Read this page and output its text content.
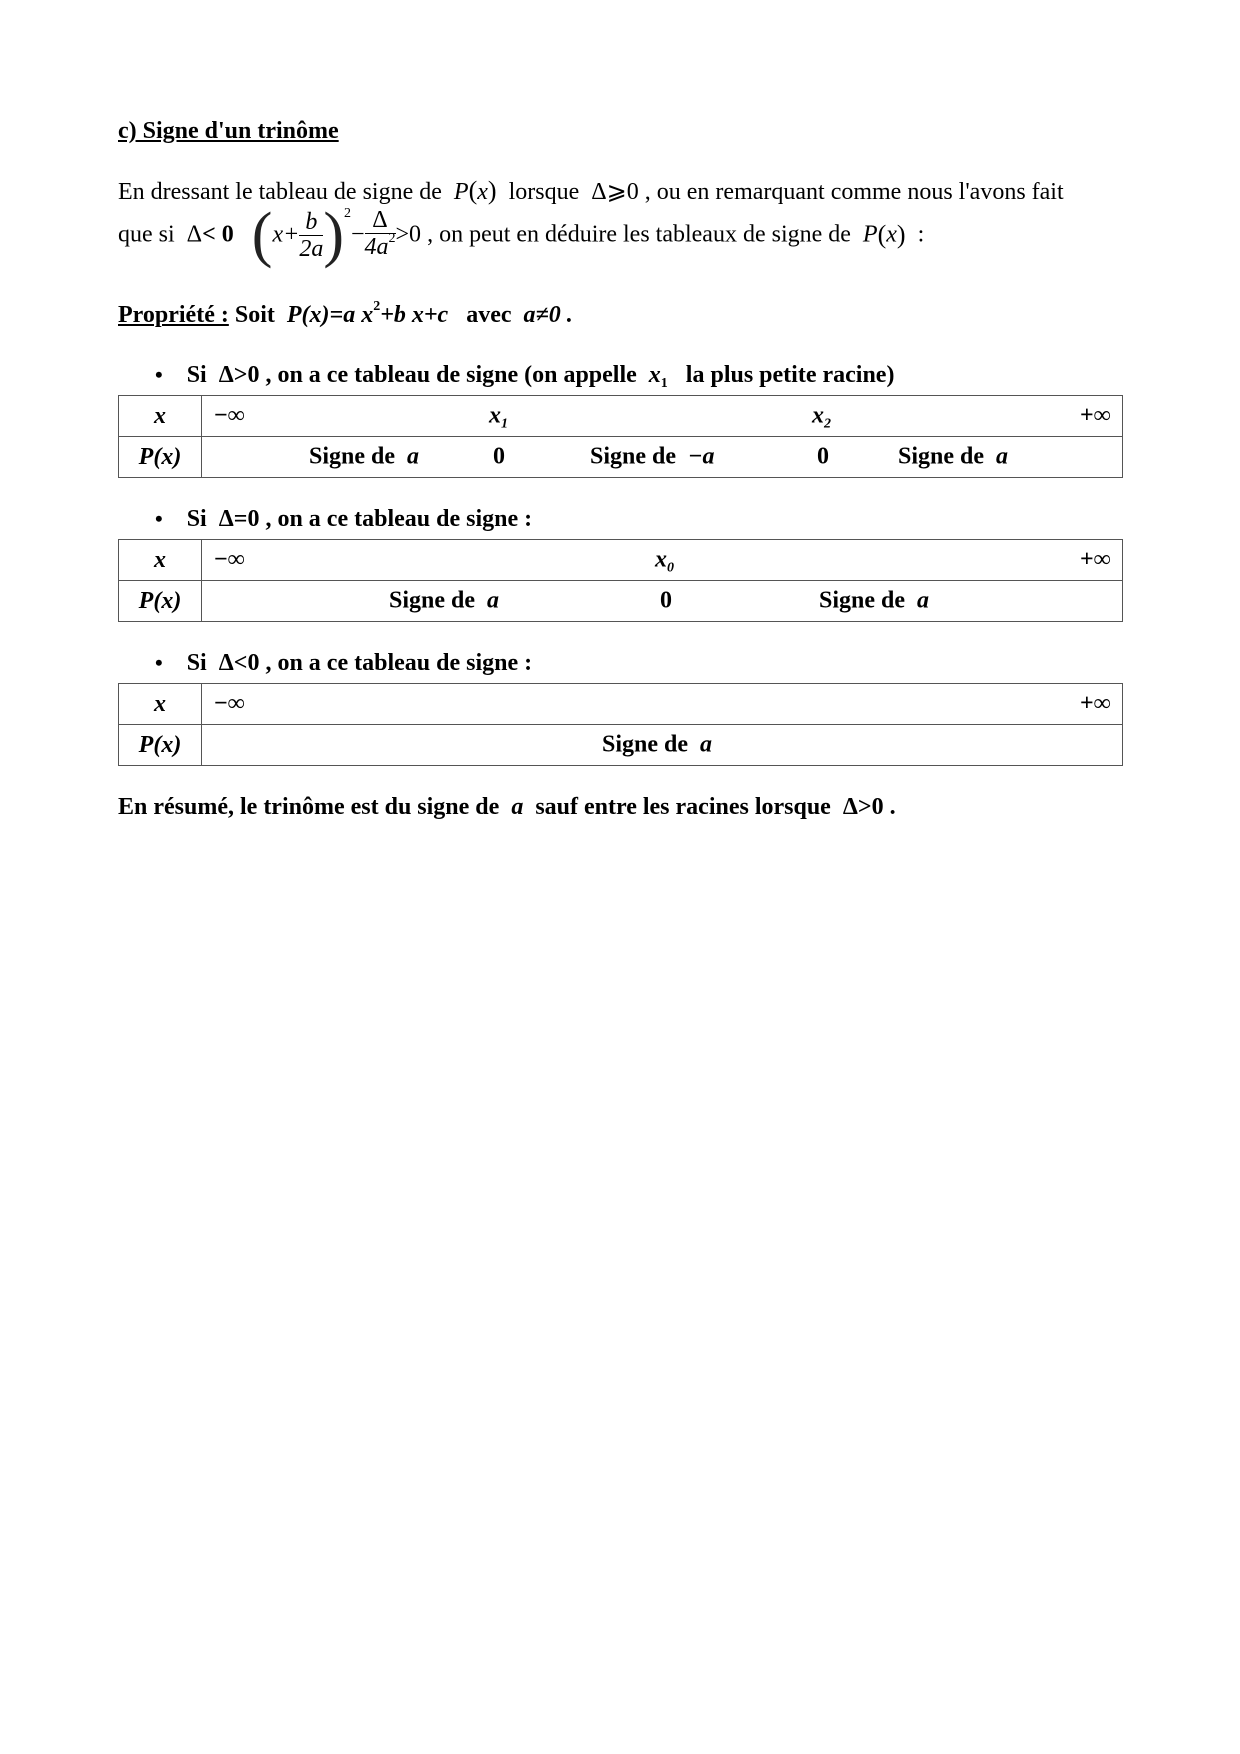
c) Signe d'un trinôme
En dressant le tableau de signe de P(x) lorsque Δ⩾0 , ou en remarquant comme nous l'avons fait
que si Δ< 0 $(x+ \frac{b}{2a} )^2- \frac{\Delta}{4a^2} >0$ , on peut en déduire les tableaux de signe de P(x) :
Propriété : Soit P(x)=a $x^2+b$ x+c avec a≠0 .
• Si Δ>0 , on a ce tableau de signe (on appelle $x_1$ la plus petite racine)
x	−∞ $x_1$ $x_2$ +∞

P(x)	Signe de a 0 Signe de −a 0 Signe de a
• Si Δ=0 , on a ce tableau de signe :
x	−∞ $x_0$ +∞

P(x)	Signe de a 0 Signe de a
• Si Δ<0 , on a ce tableau de signe :
x	−∞ +∞

P(x)	Signe de a
En résumé, le trinôme est du signe de a sauf entre les racines lorsque Δ>0 .
